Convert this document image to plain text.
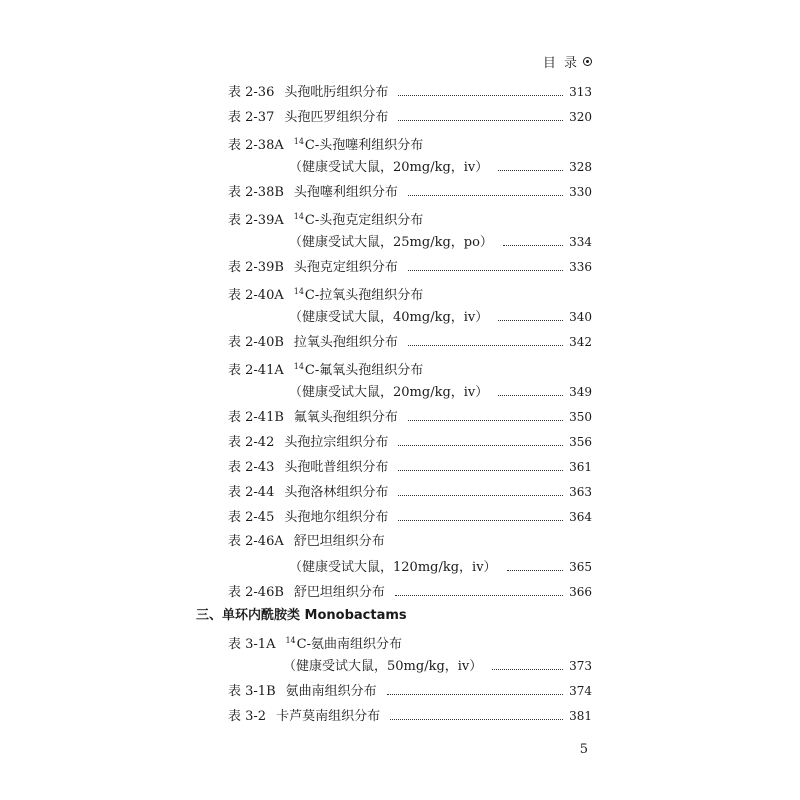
目 录
表 2-36 头孢吡肟组织分布	313
表 2-37 头孢匹罗组织分布	320
表 2-38A $^{14}$C-头孢噻利组织分布
（健康受试大鼠，20mg/kg，iv）	328
表 2-38B 头孢噻利组织分布	330
表 2-39A $^{14}$C-头孢克定组织分布
（健康受试大鼠，25mg/kg，po）	334
表 2-39B 头孢克定组织分布	336
表 2-40A $^{14}$C-拉氧头孢组织分布
（健康受试大鼠，40mg/kg，iv）	340
表 2-40B 拉氧头孢组织分布	342
表 2-41A $^{14}$C-氟氧头孢组织分布
（健康受试大鼠，20mg/kg，iv）	349
表 2-41B 氟氧头孢组织分布	350
表 2-42 头孢拉宗组织分布	356
表 2-43 头孢吡普组织分布	361
表 2-44 头孢洛林组织分布	363
表 2-45 头孢地尔组织分布	364
表 2-46A 舒巴坦组织分布
（健康受试大鼠，120mg/kg，iv）	365
表 2-46B 舒巴坦组织分布	366
表 3-1A $^{14}$C-氨曲南组织分布
（健康受试大鼠，50mg/kg，iv）	373
表 3-1B 氨曲南组织分布	374
表 3-2 卡芦莫南组织分布	381
三、单环内酰胺类 Monobactams
5
